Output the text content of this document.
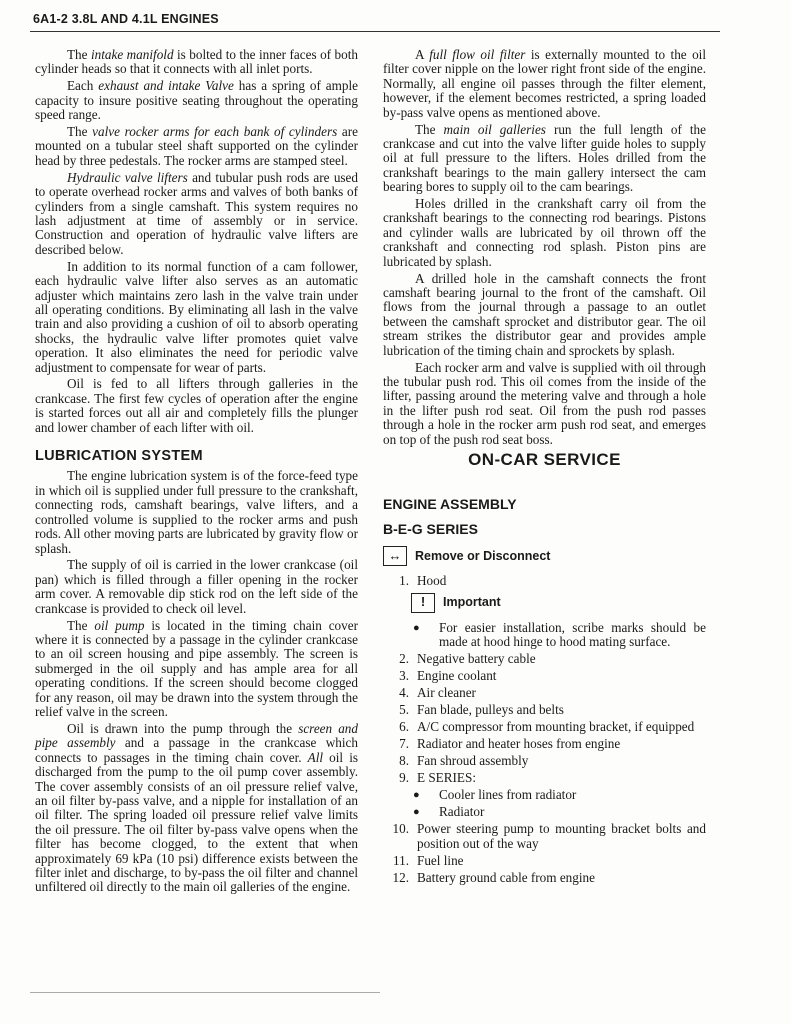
6A1-2 3.8L AND 4.1L ENGINES

The intake manifold is bolted to the inner faces of both cylinder heads so that it connects with all inlet ports.

Each exhaust and intake Valve has a spring of ample capacity to insure positive seating throughout the operating speed range.

The valve rocker arms for each bank of cylinders are mounted on a tubular steel shaft supported on the cylinder head by three pedestals. The rocker arms are stamped steel.

Hydraulic valve lifters and tubular push rods are used to operate overhead rocker arms and valves of both banks of cylinders from a single camshaft. This system requires no lash adjustment at time of assembly or in service. Construction and operation of hydraulic valve lifters are described below.

In addition to its normal function of a cam follower, each hydraulic valve lifter also serves as an automatic adjuster which maintains zero lash in the valve train under all operating conditions. By eliminating all lash in the valve train and also providing a cushion of oil to absorb operating shocks, the hydraulic valve lifter promotes quiet valve operation. It also eliminates the need for periodic valve adjustment to compensate for wear of parts.

Oil is fed to all lifters through galleries in the crankcase. The first few cycles of operation after the engine is started forces out all air and completely fills the plunger and lower chamber of each lifter with oil.

LUBRICATION SYSTEM

The engine lubrication system is of the force-feed type in which oil is supplied under full pressure to the crankshaft, connecting rods, camshaft bearings, valve lifters, and a controlled volume is supplied to the rocker arms and push rods. All other moving parts are lubricated by gravity flow or splash.

The supply of oil is carried in the lower crankcase (oil pan) which is filled through a filler opening in the rocker arm cover. A removable dip stick rod on the left side of the crankcase is provided to check oil level.

The oil pump is located in the timing chain cover where it is connected by a passage in the cylinder crankcase to an oil screen housing and pipe assembly. The screen is submerged in the oil supply and has ample area for all operating conditions. If the screen should become clogged for any reason, oil may be drawn into the system through the relief valve in the screen.

Oil is drawn into the pump through the screen and pipe assembly and a passage in the crankcase which connects to passages in the timing chain cover. All oil is discharged from the pump to the oil pump cover assembly. The cover assembly consists of an oil pressure relief valve, an oil filter by-pass valve, and a nipple for installation of an oil filter. The spring loaded oil pressure relief valve limits the oil pressure. The oil filter by-pass valve opens when the filter has become clogged, to the extent that when approximately 69 kPa (10 psi) difference exists between the filter inlet and discharge, to by-pass the oil filter and channel unfiltered oil directly to the main oil galleries of the engine.

A full flow oil filter is externally mounted to the oil filter cover nipple on the lower right front side of the engine. Normally, all engine oil passes through the filter element, however, if the element becomes restricted, a spring loaded by-pass valve opens as mentioned above.

The main oil galleries run the full length of the crankcase and cut into the valve lifter guide holes to supply oil at full pressure to the lifters. Holes drilled from the crankshaft bearings to the main gallery intersect the cam bearing bores to supply oil to the cam bearings.

Holes drilled in the crankshaft carry oil from the crankshaft bearings to the connecting rod bearings. Pistons and cylinder walls are lubricated by oil thrown off the crankshaft and connecting rod splash. Piston pins are lubricated by splash.

A drilled hole in the camshaft connects the front camshaft bearing journal to the front of the camshaft. Oil flows from the journal through a passage to an outlet between the camshaft sprocket and distributor gear. The oil stream strikes the distributor gear and provides ample lubrication of the timing chain and sprockets by splash.

Each rocker arm and valve is supplied with oil through the tubular push rod. This oil comes from the inside of the lifter, passing around the metering valve and through a hole in the lifter push rod seat. Oil from the push rod passes through a hole in the rocker arm push rod seat, and emerges on top of the push rod seat boss.

ON-CAR SERVICE
ENGINE ASSEMBLY
B-E-G SERIES
↔	Remove or Disconnect
1. Hood
!	Important
●	For easier installation, scribe marks should be made at hood hinge to hood mating surface.
2. Negative battery cable
3. Engine coolant
4. Air cleaner
5. Fan blade, pulleys and belts
6. A/C compressor from mounting bracket, if equipped
7. Radiator and heater hoses from engine
8. Fan shroud assembly
9. E SERIES:
●	Cooler lines from radiator
●	Radiator
10. Power steering pump to mounting bracket bolts and position out of the way
11. Fuel line
12. Battery ground cable from engine
